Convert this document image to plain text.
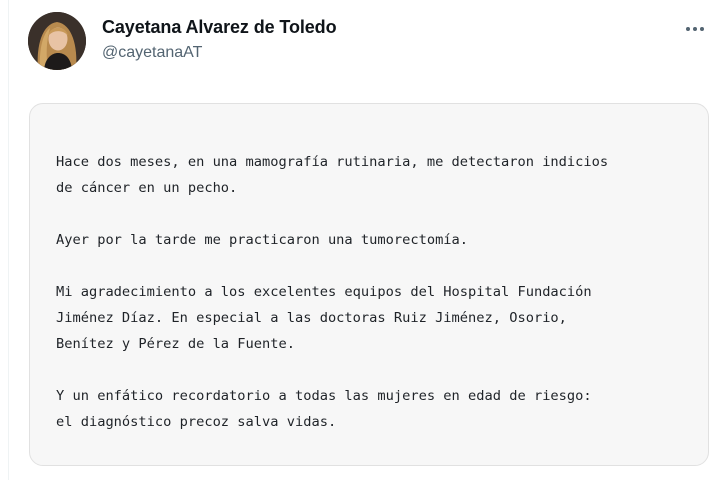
Cayetana Alvarez de Toledo
@cayetanaAT

Hace dos meses, en una mamografía rutinaria, me detectaron indicios
de cáncer en un pecho.

Ayer por la tarde me practicaron una tumorectomía.

Mi agradecimiento a los excelentes equipos del Hospital Fundación
Jiménez Díaz. En especial a las doctoras Ruiz Jiménez, Osorio,
Benítez y Pérez de la Fuente.

Y un enfático recordatorio a todas las mujeres en edad de riesgo:
el diagnóstico precoz salva vidas.
